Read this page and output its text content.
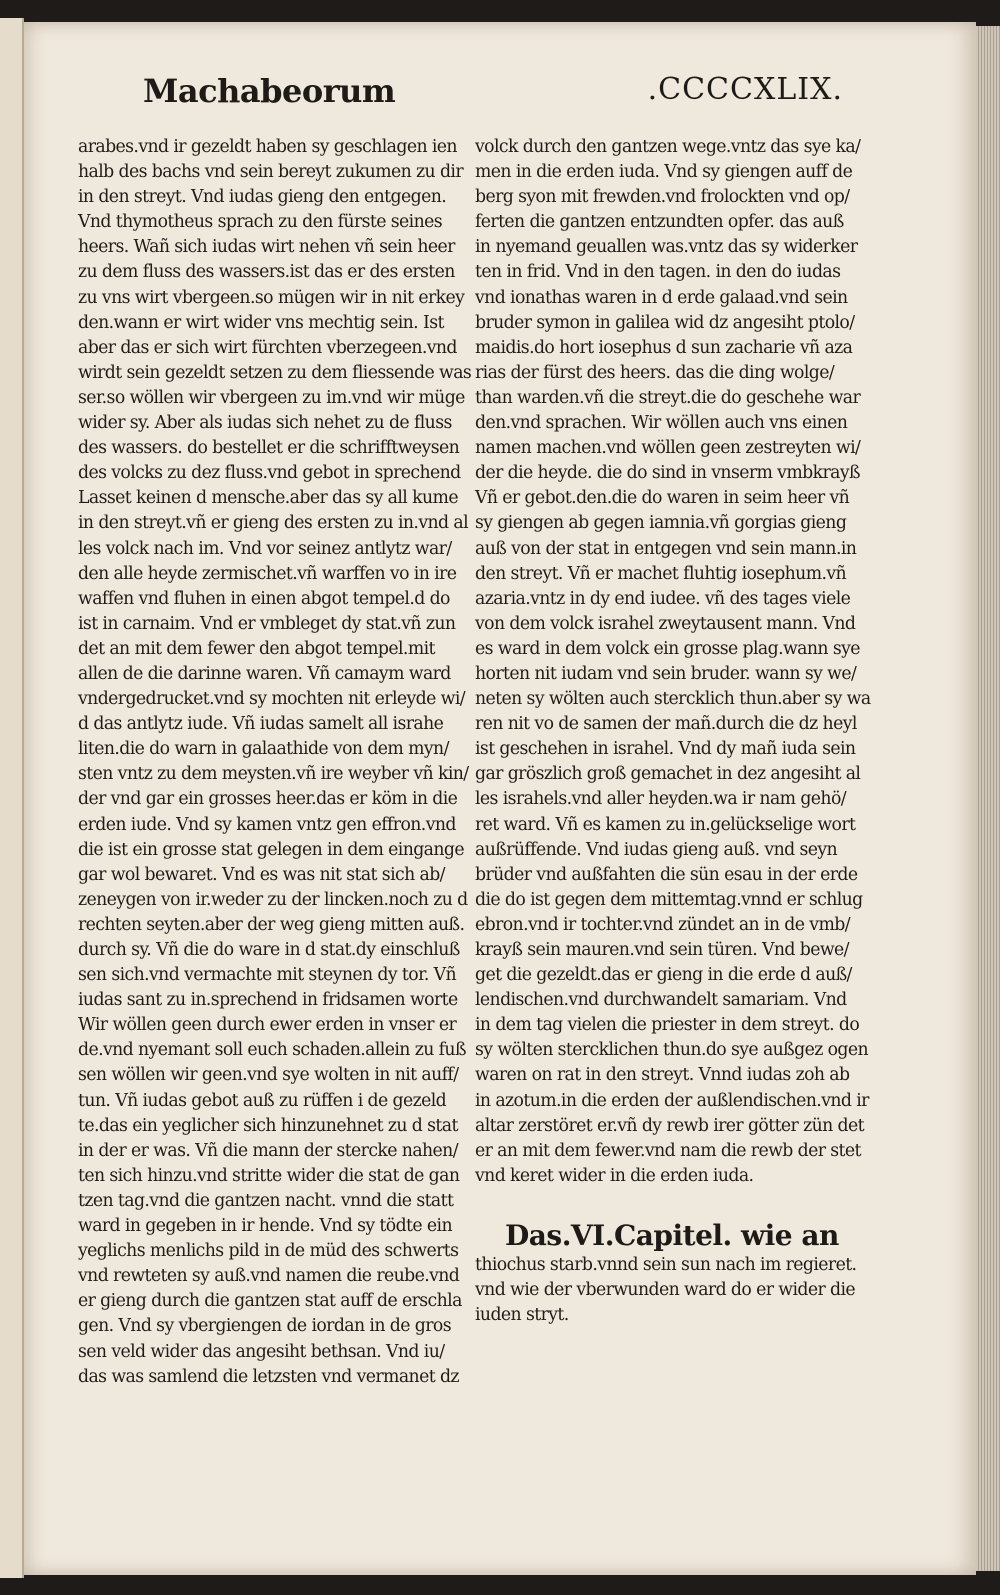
Machabeorum	.CCCCXLIX.
arabes.vnd ir gezeldt haben sy geschlagen ien
halb des bachs vnd sein bereyt zukumen zu dir
in den streyt. Vnd iudas gieng den entgegen.
Vnd thymotheus sprach zu den fürste seines
heers. Wañ sich iudas wirt nehen vñ sein heer
zu dem fluss des wassers.ist das er des ersten
zu vns wirt vbergeen.so mügen wir in nit erkey
den.wann er wirt wider vns mechtig sein. Ist
aber das er sich wirt fürchten vberzegeen.vnd
wirdt sein gezeldt setzen zu dem fliessende was
ser.so wöllen wir vbergeen zu im.vnd wir müge
wider sy. Aber als iudas sich nehet zu de fluss
des wassers. do bestellet er die schrifftweysen
des volcks zu dez fluss.vnd gebot in sprechend
Lasset keinen d mensche.aber das sy all kume
in den streyt.vñ er gieng des ersten zu in.vnd al
les volck nach im. Vnd vor seinez antlytz war/
den alle heyde zermischet.vñ warffen vo in ire
waffen vnd fluhen in einen abgot tempel.d do
ist in carnaim. Vnd er vmbleget dy stat.vñ zun
det an mit dem fewer den abgot tempel.mit
allen de die darinne waren. Vñ camaym ward
vndergedrucket.vnd sy mochten nit erleyde wi/
d das antlytz iude. Vñ iudas samelt all israhe
liten.die do warn in galaathide von dem myn/
sten vntz zu dem meysten.vñ ire weyber vñ kin/
der vnd gar ein grosses heer.das er köm in die
erden iude. Vnd sy kamen vntz gen effron.vnd
die ist ein grosse stat gelegen in dem eingange
gar wol bewaret. Vnd es was nit stat sich ab/
zeneygen von ir.weder zu der lincken.noch zu d
rechten seyten.aber der weg gieng mitten auß.
durch sy. Vñ die do ware in d stat.dy einschluß
sen sich.vnd vermachte mit steynen dy tor. Vñ
iudas sant zu in.sprechend in fridsamen worte
Wir wöllen geen durch ewer erden in vnser er
de.vnd nyemant soll euch schaden.allein zu fuß
sen wöllen wir geen.vnd sye wolten in nit auff/
tun. Vñ iudas gebot auß zu rüffen i de gezeld
te.das ein yeglicher sich hinzunehnet zu d stat
in der er was. Vñ die mann der stercke nahen/
ten sich hinzu.vnd stritte wider die stat de gan
tzen tag.vnd die gantzen nacht. vnnd die statt
ward in gegeben in ir hende. Vnd sy tödte ein
yeglichs menlichs pild in de müd des schwerts
vnd rewteten sy auß.vnd namen die reube.vnd
er gieng durch die gantzen stat auff de erschla
gen. Vnd sy vbergiengen de iordan in de gros
sen veld wider das angesiht bethsan. Vnd iu/
das was samlend die letzsten vnd vermanet dz
volck durch den gantzen wege.vntz das sye ka/
men in die erden iuda. Vnd sy giengen auff de
berg syon mit frewden.vnd frolockten vnd op/
ferten die gantzen entzundten opfer. das auß
in nyemand geuallen was.vntz das sy widerker
ten in frid. Vnd in den tagen. in den do iudas
vnd ionathas waren in d erde galaad.vnd sein
bruder symon in galilea wid dz angesiht ptolo/
maidis.do hort iosephus d sun zacharie vñ aza
rias der fürst des heers. das die ding wolge/
than warden.vñ die streyt.die do geschehe war
den.vnd sprachen. Wir wöllen auch vns einen
namen machen.vnd wöllen geen zestreyten wi/
der die heyde. die do sind in vnserm vmbkrayß
Vñ er gebot.den.die do waren in seim heer vñ
sy giengen ab gegen iamnia.vñ gorgias gieng
auß von der stat in entgegen vnd sein mann.in
den streyt. Vñ er machet fluhtig iosephum.vñ
azaria.vntz in dy end iudee. vñ des tages viele
von dem volck israhel zweytausent mann. Vnd
es ward in dem volck ein grosse plag.wann sye
horten nit iudam vnd sein bruder. wann sy we/
neten sy wölten auch stercklich thun.aber sy wa
ren nit vo de samen der mañ.durch die dz heyl
ist geschehen in israhel. Vnd dy mañ iuda sein
gar gröszlich groß gemachet in dez angesiht al
les israhels.vnd aller heyden.wa ir nam gehö/
ret ward. Vñ es kamen zu in.gelückselige wort
außrüffende. Vnd iudas gieng auß. vnd seyn
brüder vnd außfahten die sün esau in der erde
die do ist gegen dem mittemtag.vnnd er schlug
ebron.vnd ir tochter.vnd zündet an in de vmb/
krayß sein mauren.vnd sein türen. Vnd bewe/
get die gezeldt.das er gieng in die erde d auß/
lendischen.vnd durchwandelt samariam. Vnd
in dem tag vielen die priester in dem streyt. do
sy wölten stercklichen thun.do sye außgez ogen
waren on rat in den streyt. Vnnd iudas zoh ab
in azotum.in die erden der außlendischen.vnd ir
altar zerstöret er.vñ dy rewb irer götter zün det
er an mit dem fewer.vnd nam die rewb der stet
vnd keret wider in die erden iuda.
Das.VI.Capitel. wie an
thiochus starb.vnnd sein sun nach im regieret.
vnd wie der vberwunden ward do er wider die
iuden stryt.
